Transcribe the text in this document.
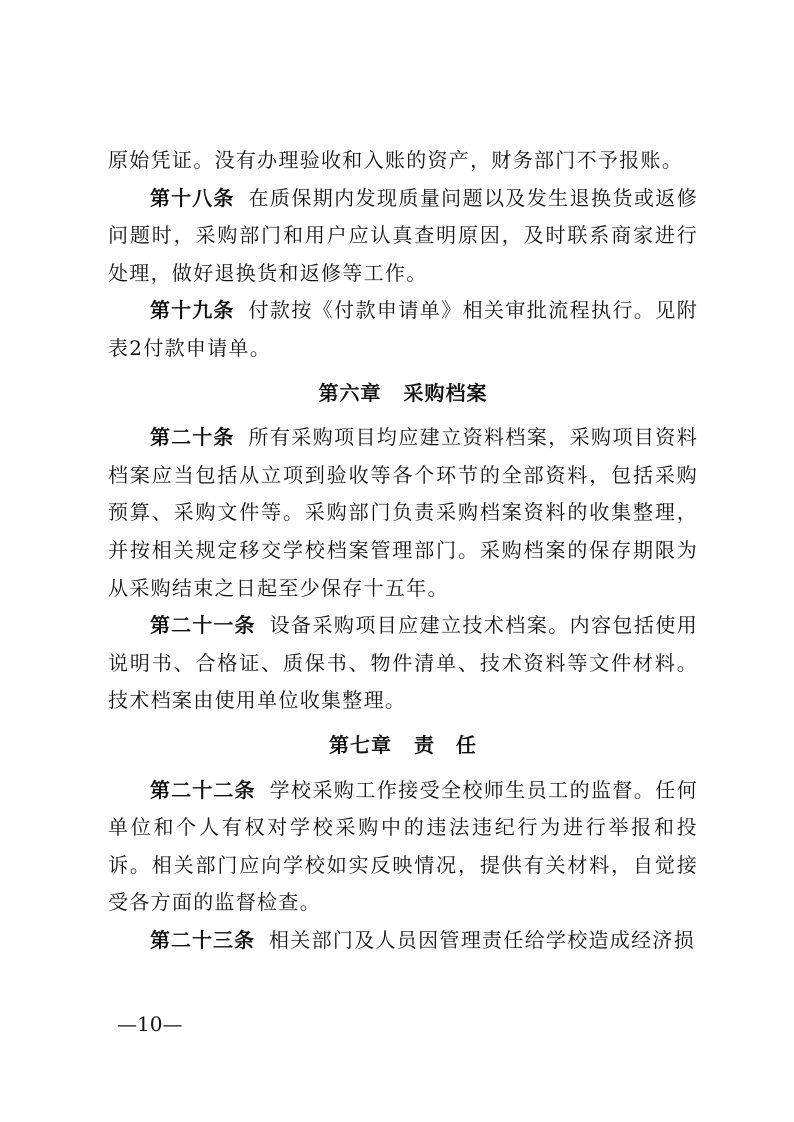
原始凭证。没有办理验收和入账的资产，财务部门不予报账。

第十八条 在质保期内发现质量问题以及发生退换货或返修问题时，采购部门和用户应认真查明原因，及时联系商家进行处理，做好退换货和返修等工作。

第十九条 付款按《付款申请单》相关审批流程执行。见附表2付款申请单。

第六章 采购档案

第二十条 所有采购项目均应建立资料档案，采购项目资料档案应当包括从立项到验收等各个环节的全部资料，包括采购预算、采购文件等。采购部门负责采购档案资料的收集整理，并按相关规定移交学校档案管理部门。采购档案的保存期限为从采购结束之日起至少保存十五年。

第二十一条 设备采购项目应建立技术档案。内容包括使用说明书、合格证、质保书、物件清单、技术资料等文件材料。技术档案由使用单位收集整理。

第七章 责　任

第二十二条 学校采购工作接受全校师生员工的监督。任何单位和个人有权对学校采购中的违法违纪行为进行举报和投诉。相关部门应向学校如实反映情况，提供有关材料，自觉接受各方面的监督检查。

第二十三条 相关部门及人员因管理责任给学校造成经济损

—10—
